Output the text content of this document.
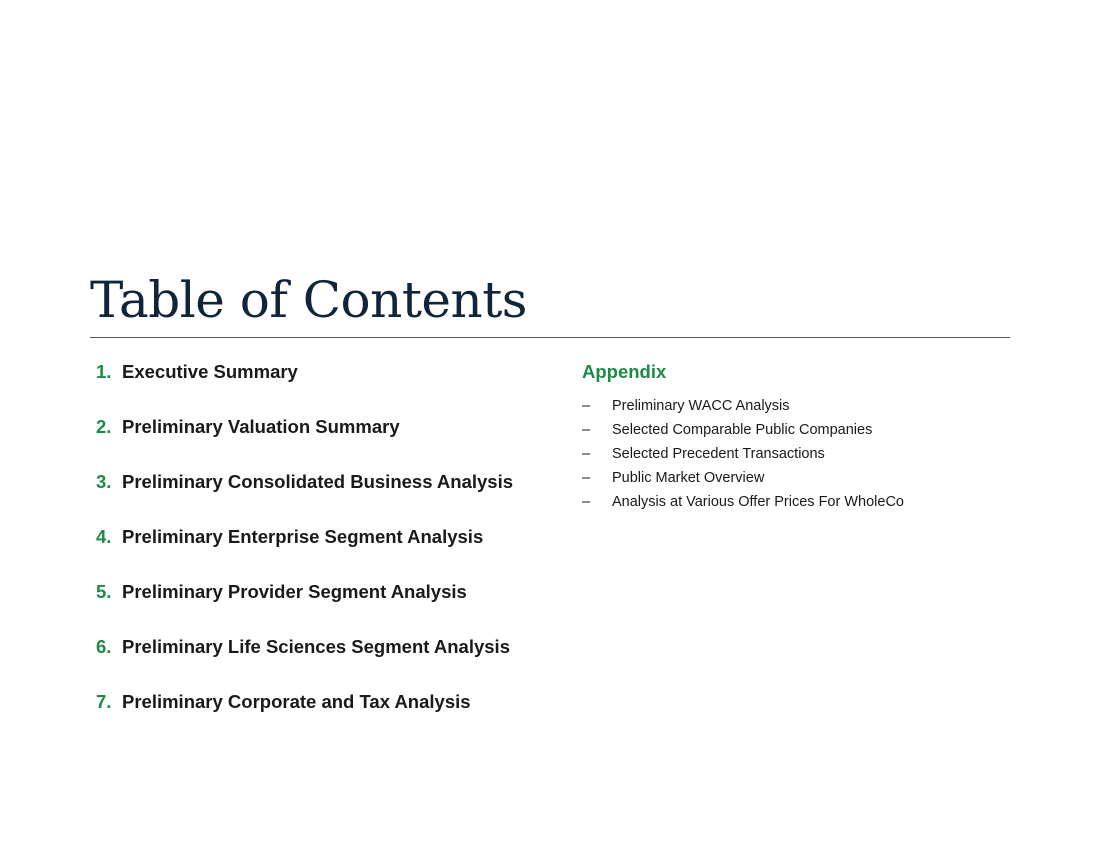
Table of Contents
1. Executive Summary
2. Preliminary Valuation Summary
3. Preliminary Consolidated Business Analysis
4. Preliminary Enterprise Segment Analysis
5. Preliminary Provider Segment Analysis
6. Preliminary Life Sciences Segment Analysis
7. Preliminary Corporate and Tax Analysis
Appendix
–	Preliminary WACC Analysis
–	Selected Comparable Public Companies
–	Selected Precedent Transactions
–	Public Market Overview
–	Analysis at Various Offer Prices For WholeCo
